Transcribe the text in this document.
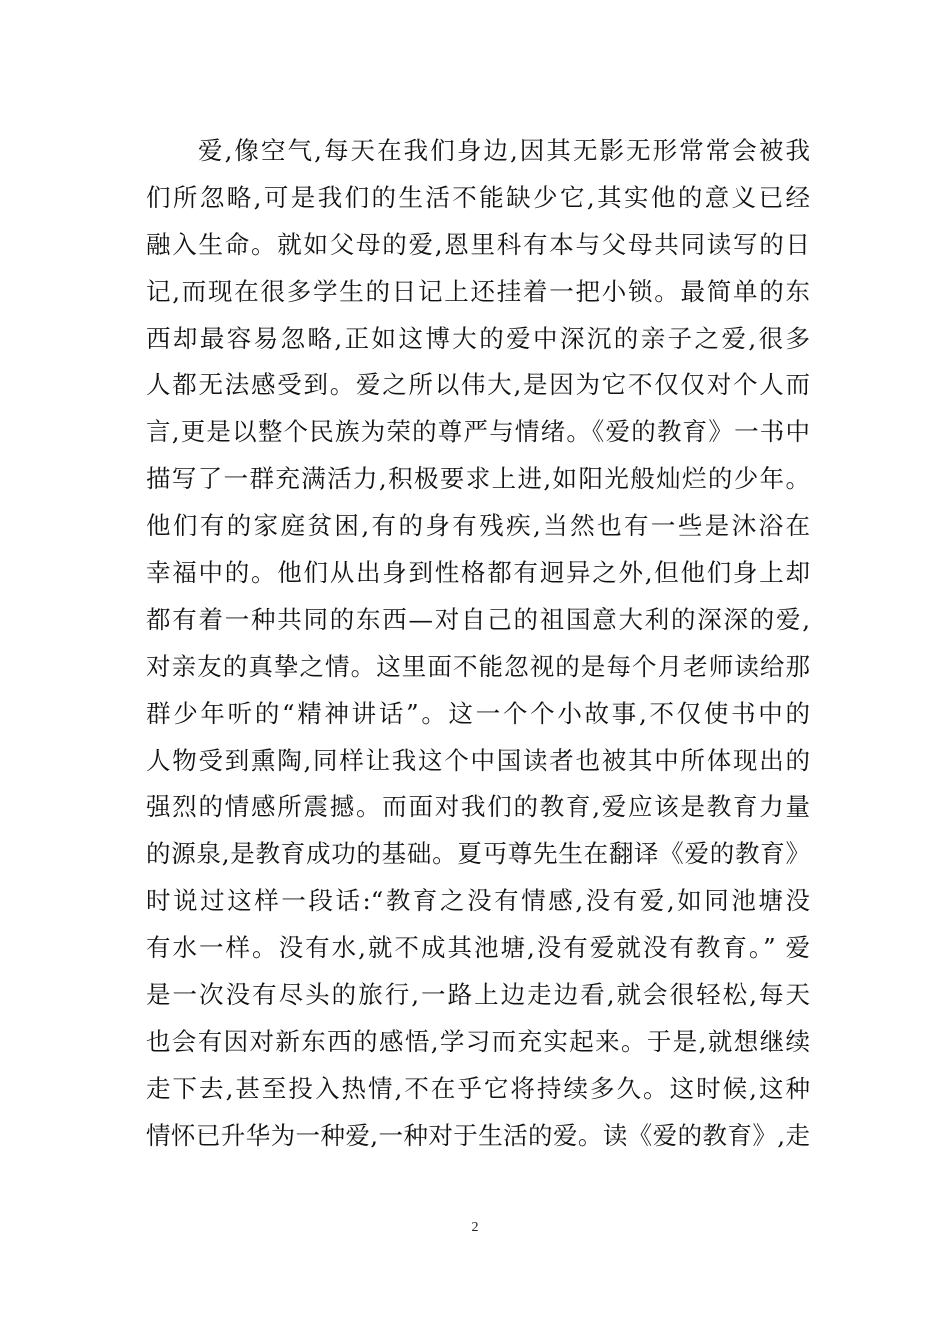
爱,像空气,每天在我们身边,因其无影无形常常会被我
们所忽略,可是我们的生活不能缺少它,其实他的意义已经
融入生命。就如父母的爱,恩里科有本与父母共同读写的日
记,而现在很多学生的日记上还挂着一把小锁。最简单的东
西却最容易忽略,正如这博大的爱中深沉的亲子之爱,很多
人都无法感受到。爱之所以伟大,是因为它不仅仅对个人而
言,更是以整个民族为荣的尊严与情绪。《爱的教育》一书中
描写了一群充满活力,积极要求上进,如阳光般灿烂的少年。
他们有的家庭贫困,有的身有残疾,当然也有一些是沐浴在
幸福中的。他们从出身到性格都有迥异之外,但他们身上却
都有着一种共同的东西—对自己的祖国意大利的深深的爱,
对亲友的真挚之情。这里面不能忽视的是每个月老师读给那
群少年听的“精神讲话”。这一个个小故事,不仅使书中的
人物受到熏陶,同样让我这个中国读者也被其中所体现出的
强烈的情感所震撼。而面对我们的教育,爱应该是教育力量
的源泉,是教育成功的基础。夏丏尊先生在翻译《爱的教育》
时说过这样一段话:“教育之没有情感,没有爱,如同池塘没
有水一样。没有水,就不成其池塘,没有爱就没有教育。” 爱
是一次没有尽头的旅行,一路上边走边看,就会很轻松,每天
也会有因对新东西的感悟,学习而充实起来。于是,就想继续
走下去,甚至投入热情,不在乎它将持续多久。这时候,这种
情怀已升华为一种爱,一种对于生活的爱。读《爱的教育》,走
2
